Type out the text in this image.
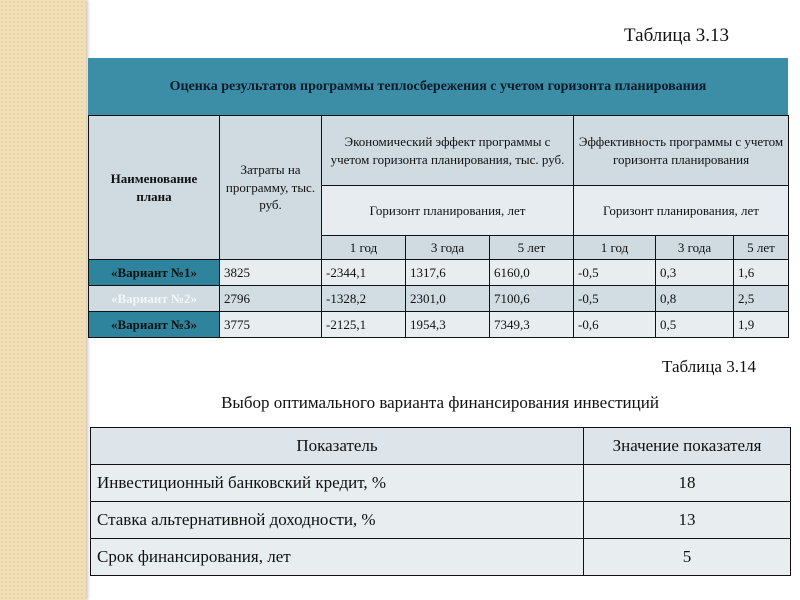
Таблица 3.13
Оценка результатов программы теплосбережения с учетом горизонта планирования
Наименование плана	Затраты на программу, тыс. руб.	Экономический эффект программы с учетом горизонта планирования, тыс. руб.			Эффективность программы с учетом горизонта планирования		
		Горизонт планирования, лет			Горизонт планирования, лет		
		1 год	3 года	5 лет	1 год	3 года	5 лет
«Вариант №1»	3825	-2344,1	1317,6	6160,0	-0,5	0,3	1,6
«Вариант №2»	2796	-1328,2	2301,0	7100,6	-0,5	0,8	2,5
«Вариант №3»	3775	-2125,1	1954,3	7349,3	-0,6	0,5	1,9
Таблица 3.14
Выбор оптимального варианта финансирования инвестиций
Показатель	Значение показателя
Инвестиционный банковский кредит, %	18
Ставка альтернативной доходности, %	13
Срок финансирования, лет	5
